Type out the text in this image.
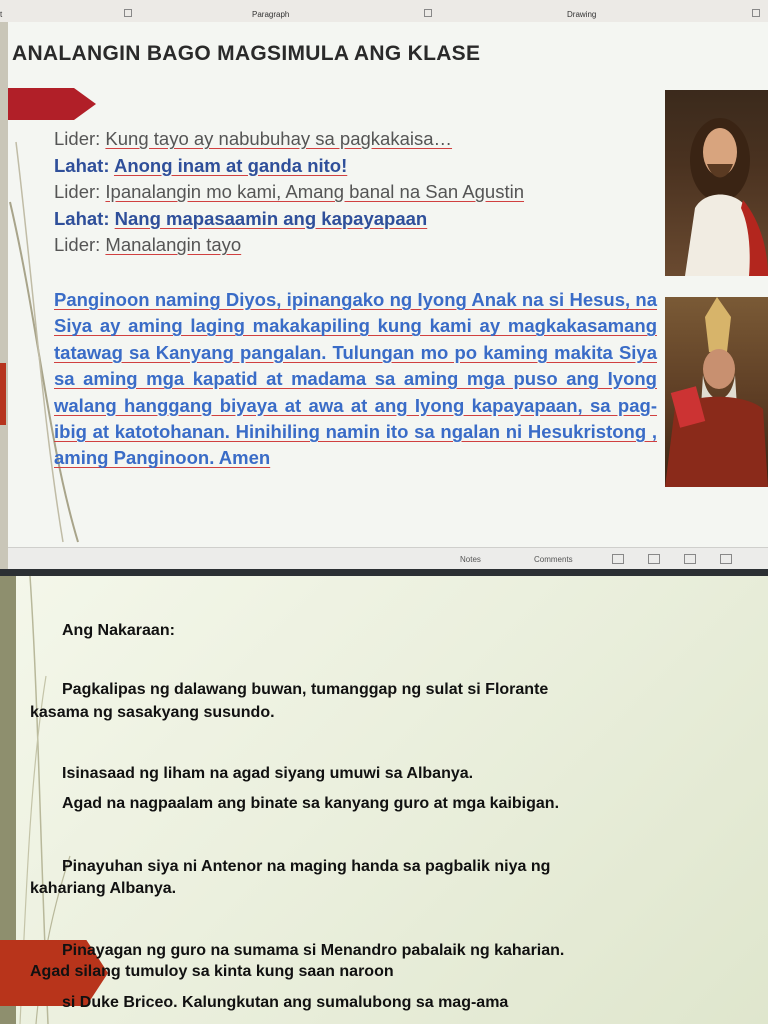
t	Paragraph	Drawing
ANALANGIN BAGO MAGSIMULA ANG KLASE
Lider: Kung tayo ay nabubuhay sa pagkakaisa…
Lahat: Anong inam at ganda nito!
Lider: Ipanalangin mo kami, Amang banal na San Agustin
Lahat: Nang mapasaamin ang kapayapaan
Lider: Manalangin tayo
Panginoon naming Diyos, ipinangako ng Iyong Anak na si Hesus, na Siya ay aming laging makakapiling kung kami ay magkakasamang tatawag sa Kanyang pangalan. Tulungan mo po kaming makita Siya sa aming mga kapatid at madama sa aming mga puso ang Iyong walang hanggang biyaya at awa at ang Iyong kapayapaan, sa pag-ibig at katotohanan. Hinihiling namin ito sa ngalan ni Hesukristong , aming Panginoon. Amen
Notes	Comments
Ang Nakaraan:
Pagkalipas ng dalawang buwan, tumanggap ng sulat si Florante
kasama ng sasakyang susundo.
Isinasaad ng liham na agad siyang umuwi sa Albanya.
Agad na nagpaalam ang binate sa kanyang guro at mga kaibigan.
Pinayuhan siya ni Antenor na maging handa sa pagbalik niya ng
kahariang Albanya.
Pinayagan ng guro na sumama si Menandro pabalaik ng kaharian.
Agad silang tumuloy sa kinta kung saan naroon
si Duke Briceo. Kalungkutan ang sumalubong sa mag-ama
